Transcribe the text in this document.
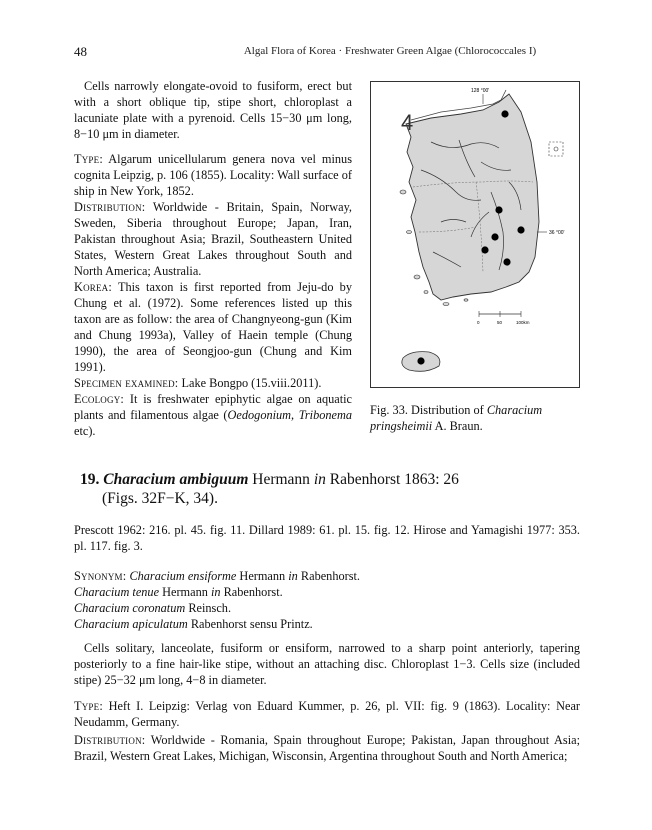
48	Algal Flora of Korea · Freshwater Green Algae (Chlorococcales I)

Cells narrowly elongate-ovoid to fusiform, erect but with a short oblique tip, stipe short, chloroplast a lacuniate plate with a pyrenoid. Cells 15−30 μm long, 8−10 μm in diameter.

Type: Algarum unicellularum genera nova vel minus cognita Leipzig, p. 106 (1855). Locality: Wall surface of ship in New York, 1852.

Distribution: Worldwide - Britain, Spain, Norway, Sweden, Siberia throughout Europe; Japan, Iran, Pakistan throughout Asia; Brazil, Southeastern United States, Western Great Lakes throughout South and North America; Australia.

Korea: This taxon is first reported from Jeju-do by Chung et al. (1972). Some references listed up this taxon are as follow: the area of Changnyeong-gun (Kim and Chung 1993a), Valley of Haein temple (Chung 1990), the area of Seongjoo-gun (Chung and Kim 1991).

Specimen examined: Lake Bongpo (15.viii.2011).

Ecology: It is freshwater epiphytic algae on aquatic plants and filamentous algae (Oedogonium, Tribonema etc).

128 °00'
36 °00'
4
0	50	100km
Fig. 33. Distribution of Characium pringsheimii A. Braun.
19. Characium ambiguum Hermann in Rabenhorst 1863: 26
(Figs. 32F−K, 34).
Prescott 1962: 216. pl. 45. fig. 11. Dillard 1989: 61. pl. 15. fig. 12. Hirose and Yamagishi 1977: 353. pl. 117. fig. 3.
Synonym: Characium ensiforme Hermann in Rabenhorst.
Characium tenue Hermann in Rabenhorst.
Characium coronatum Reinsch.
Characium apiculatum Rabenhorst sensu Printz.

Cells solitary, lanceolate, fusiform or ensiform, narrowed to a sharp point anteriorly, tapering posteriorly to a fine hair-like stipe, without an attaching disc. Chloroplast 1−3. Cells size (included stipe) 25−32 μm long, 4−8 in diameter.

Type: Heft I. Leipzig: Verlag von Eduard Kummer, p. 26, pl. VII: fig. 9 (1863). Locality: Near Neudamm, Germany.

Distribution: Worldwide - Romania, Spain throughout Europe; Pakistan, Japan throughout Asia; Brazil, Western Great Lakes, Michigan, Wisconsin, Argentina throughout South and North America;
